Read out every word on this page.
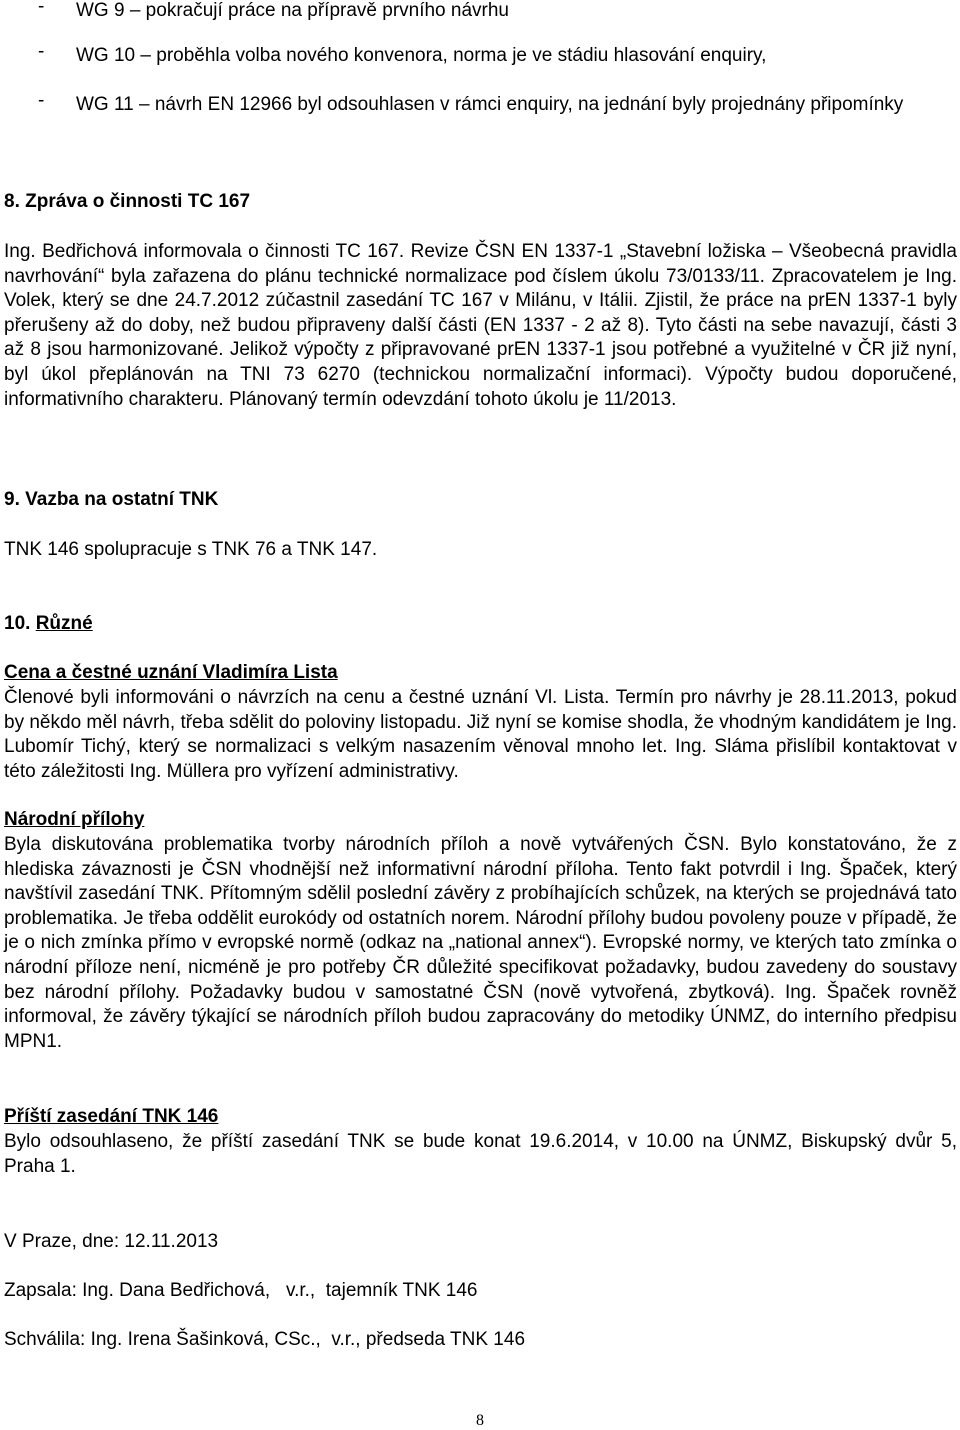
- WG 9 – pokračují práce na přípravě prvního návrhu
- WG 10 – proběhla volba nového konvenora, norma je ve stádiu hlasování enquiry,
- WG 11 – návrh EN 12966 byl odsouhlasen v rámci enquiry, na jednání byly projednány připomínky

8. Zpráva o činnosti TC 167

Ing. Bedřichová informovala o činnosti TC 167. Revize ČSN EN 1337-1 „Stavební ložiska – Všeobecná pravidla navrhování“ byla zařazena do plánu technické normalizace pod číslem úkolu 73/0133/11. Zpracovatelem je Ing. Volek, který se dne 24.7.2012 zúčastnil zasedání TC 167 v Milánu, v Itálii. Zjistil, že práce na prEN 1337-1 byly přerušeny až do doby, než budou připraveny další části (EN 1337 - 2 až 8). Tyto části na sebe navazují, části 3 až 8 jsou harmonizované. Jelikož výpočty z připravované prEN 1337-1 jsou potřebné a využitelné v ČR již nyní, byl úkol přeplánován na TNI 73 6270 (technickou normalizační informaci). Výpočty budou doporučené, informativního charakteru. Plánovaný termín odevzdání tohoto úkolu je 11/2013.

9. Vazba na ostatní TNK

TNK 146 spolupracuje s TNK 76 a TNK 147.

10. Různé

Cena a čestné uznání Vladimíra Lista

Členové byli informováni o návrzích na cenu a čestné uznání Vl. Lista. Termín pro návrhy je 28.11.2013, pokud by někdo měl návrh, třeba sdělit do poloviny listopadu. Již nyní se komise shodla, že vhodným kandidátem je Ing. Lubomír Tichý, který se normalizaci s velkým nasazením věnoval mnoho let. Ing. Sláma přislíbil kontaktovat v této záležitosti Ing. Müllera pro vyřízení administrativy.

Národní přílohy

Byla diskutována problematika tvorby národních příloh a nově vytvářených ČSN. Bylo konstatováno, že z hlediska závaznosti je ČSN vhodnější než informativní národní příloha. Tento fakt potvrdil i Ing. Špaček, který navštívil zasedání TNK. Přítomným sdělil poslední závěry z probíhajících schůzek, na kterých se projednává tato problematika. Je třeba oddělit eurokódy od ostatních norem. Národní přílohy budou povoleny pouze v případě, že je o nich zmínka přímo v evropské normě (odkaz na „national annex“). Evropské normy, ve kterých tato zmínka o národní příloze není, nicméně je pro potřeby ČR důležité specifikovat požadavky, budou zavedeny do soustavy bez národní přílohy. Požadavky budou v samostatné ČSN (nově vytvořená, zbytková). Ing. Špaček rovněž informoval, že závěry týkající se národních příloh budou zapracovány do metodiky ÚNMZ, do interního předpisu MPN1.

Příští zasedání TNK 146

Bylo odsouhlaseno, že příští zasedání TNK se bude konat 19.6.2014, v 10.00 na ÚNMZ, Biskupský dvůr 5, Praha 1.

V Praze, dne: 12.11.2013

Zapsala: Ing. Dana Bedřichová,   v.r.,  tajemník TNK 146

Schválila: Ing. Irena Šašinková, CSc.,  v.r., předseda TNK 146

8
